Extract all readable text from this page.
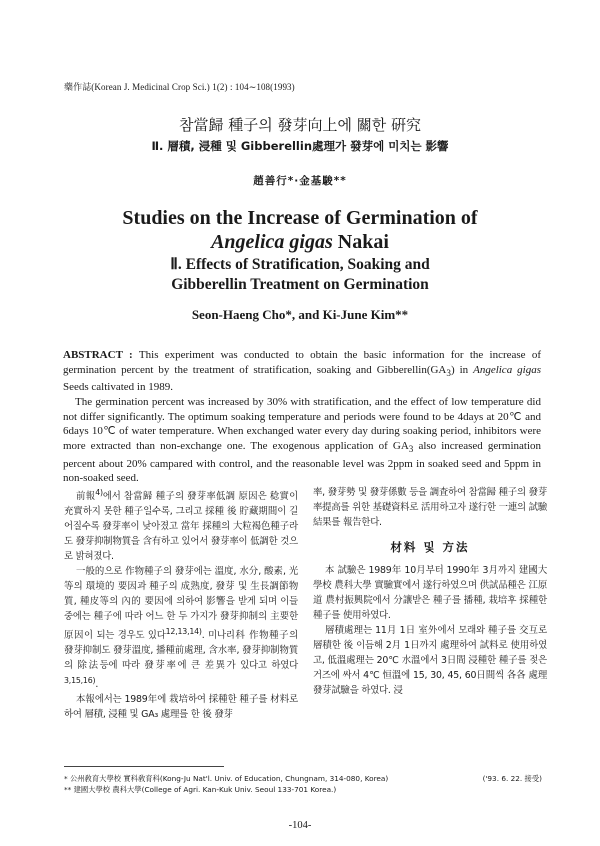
藥作誌(Korean J. Medicinal Crop Sci.) 1(2) : 104∼108(1993)
참當歸 種子의 發芽向上에 關한 硏究
Ⅱ. 層積, 浸種 및 Gibberellin處理가 發芽에 미치는 影響
趙善行*·金基駿**
Studies on the Increase of Germination of
Angelica gigas Nakai
Ⅱ. Effects of Stratification, Soaking and
Gibberellin Treatment on Germination
Seon-Haeng Cho*, and Ki-June Kim**

ABSTRACT : This experiment was conducted to obtain the basic information for the increase of germination percent by the treatment of stratification, soaking and $Gibberellin(GA_3)$ in Angelica gigas Seeds caltivated in 1989.

The germination percent was increased by 30% with stratification, and the effect of low temperature did not differ significantly. The optimum soaking temperature and periods were found to be 4days at 20℃ and 6days 10℃ of water temperature. When exchanged water every day during soaking period, inhibitors were more extracted than non-exchange one. The exogenous application of $GA_3$ also increased germination percent about 20% campared with control, and the reasonable level was 2ppm in soaked seed and 5ppm in non-soaked seed.

前報$^{4)}$에서 참當歸 種子의 發芽率低調 原因은 稔實이 充實하지 못한 種子일수록, 그리고 採種 後 貯藏期間이 길어질수록 發芽率이 낮아졌고 當年 採種의 大粒褐色種子라도 發芽抑制物質을 含有하고 있어서 發芽率이 低調한 것으로 밝혀졌다.

一般的으로 作物種子의 發芽에는 溫度, 水分, 酸素, 光等의 環境的 要因과 種子의 成熟度, 發芽 및 生長調節物質, 種皮等의 內的 要因에 의하여 影響을 받게 되며 이들 중에는 種子에 따라 어느 한 두 가지가 發芽抑制의 主要한 原因이 되는 경우도 있다$^{12,13,14)}$. 미나리科 作物種子의 發芽抑制도 發芽溫度, 播種前處理, 含水率, 發芽抑制物質의 除法등에 따라 發芽率에 큰 差異가 있다고 하였다$^{3,15,16)}$.

本報에서는 1989年에 栽培하여 採種한 種子를 材料로 하여 層積, 浸種 및 GA₃ 處理를 한 後 發芽

率, 發芽勢 및 發芽係數 등을 調査하여 참當歸 種子의 發芽率提高를 위한 基礎資料로 活用하고자 遂行한 一連의 試驗結果를 報告한다.

材料 및 方法

本 試驗은 1989年 10月부터 1990年 3月까지 建國大學校 農科大學 實驗實에서 遂行하였으며 供試品種은 江原道 農村振興院에서 分讓받은 種子를 播種, 栽培후 採種한 種子를 使用하였다.

層積處理는 11月 1日 室外에서 모래와 種子를 交互로 層積한 後 이듬해 2月 1日까지 處理하여 試料로 使用하였고, 低溫處理는 20℃ 水溫에서 3日間 浸種한 種子를 젖은 거즈에 싸서 4℃ 恒溫에 15, 30, 45, 60日間씩 各各 處理 發芽試驗을 하였다. 浸

* 公州敎育大學校 實科敎育科(Kong-Ju Nat'l. Univ. of Education, Chungnam, 314-080, Korea)	('93. 6. 22. 接受)
** 建國大學校 農科大學(College of Agri. Kan-Kuk Univ. Seoul 133-701 Korea.)
-104-
